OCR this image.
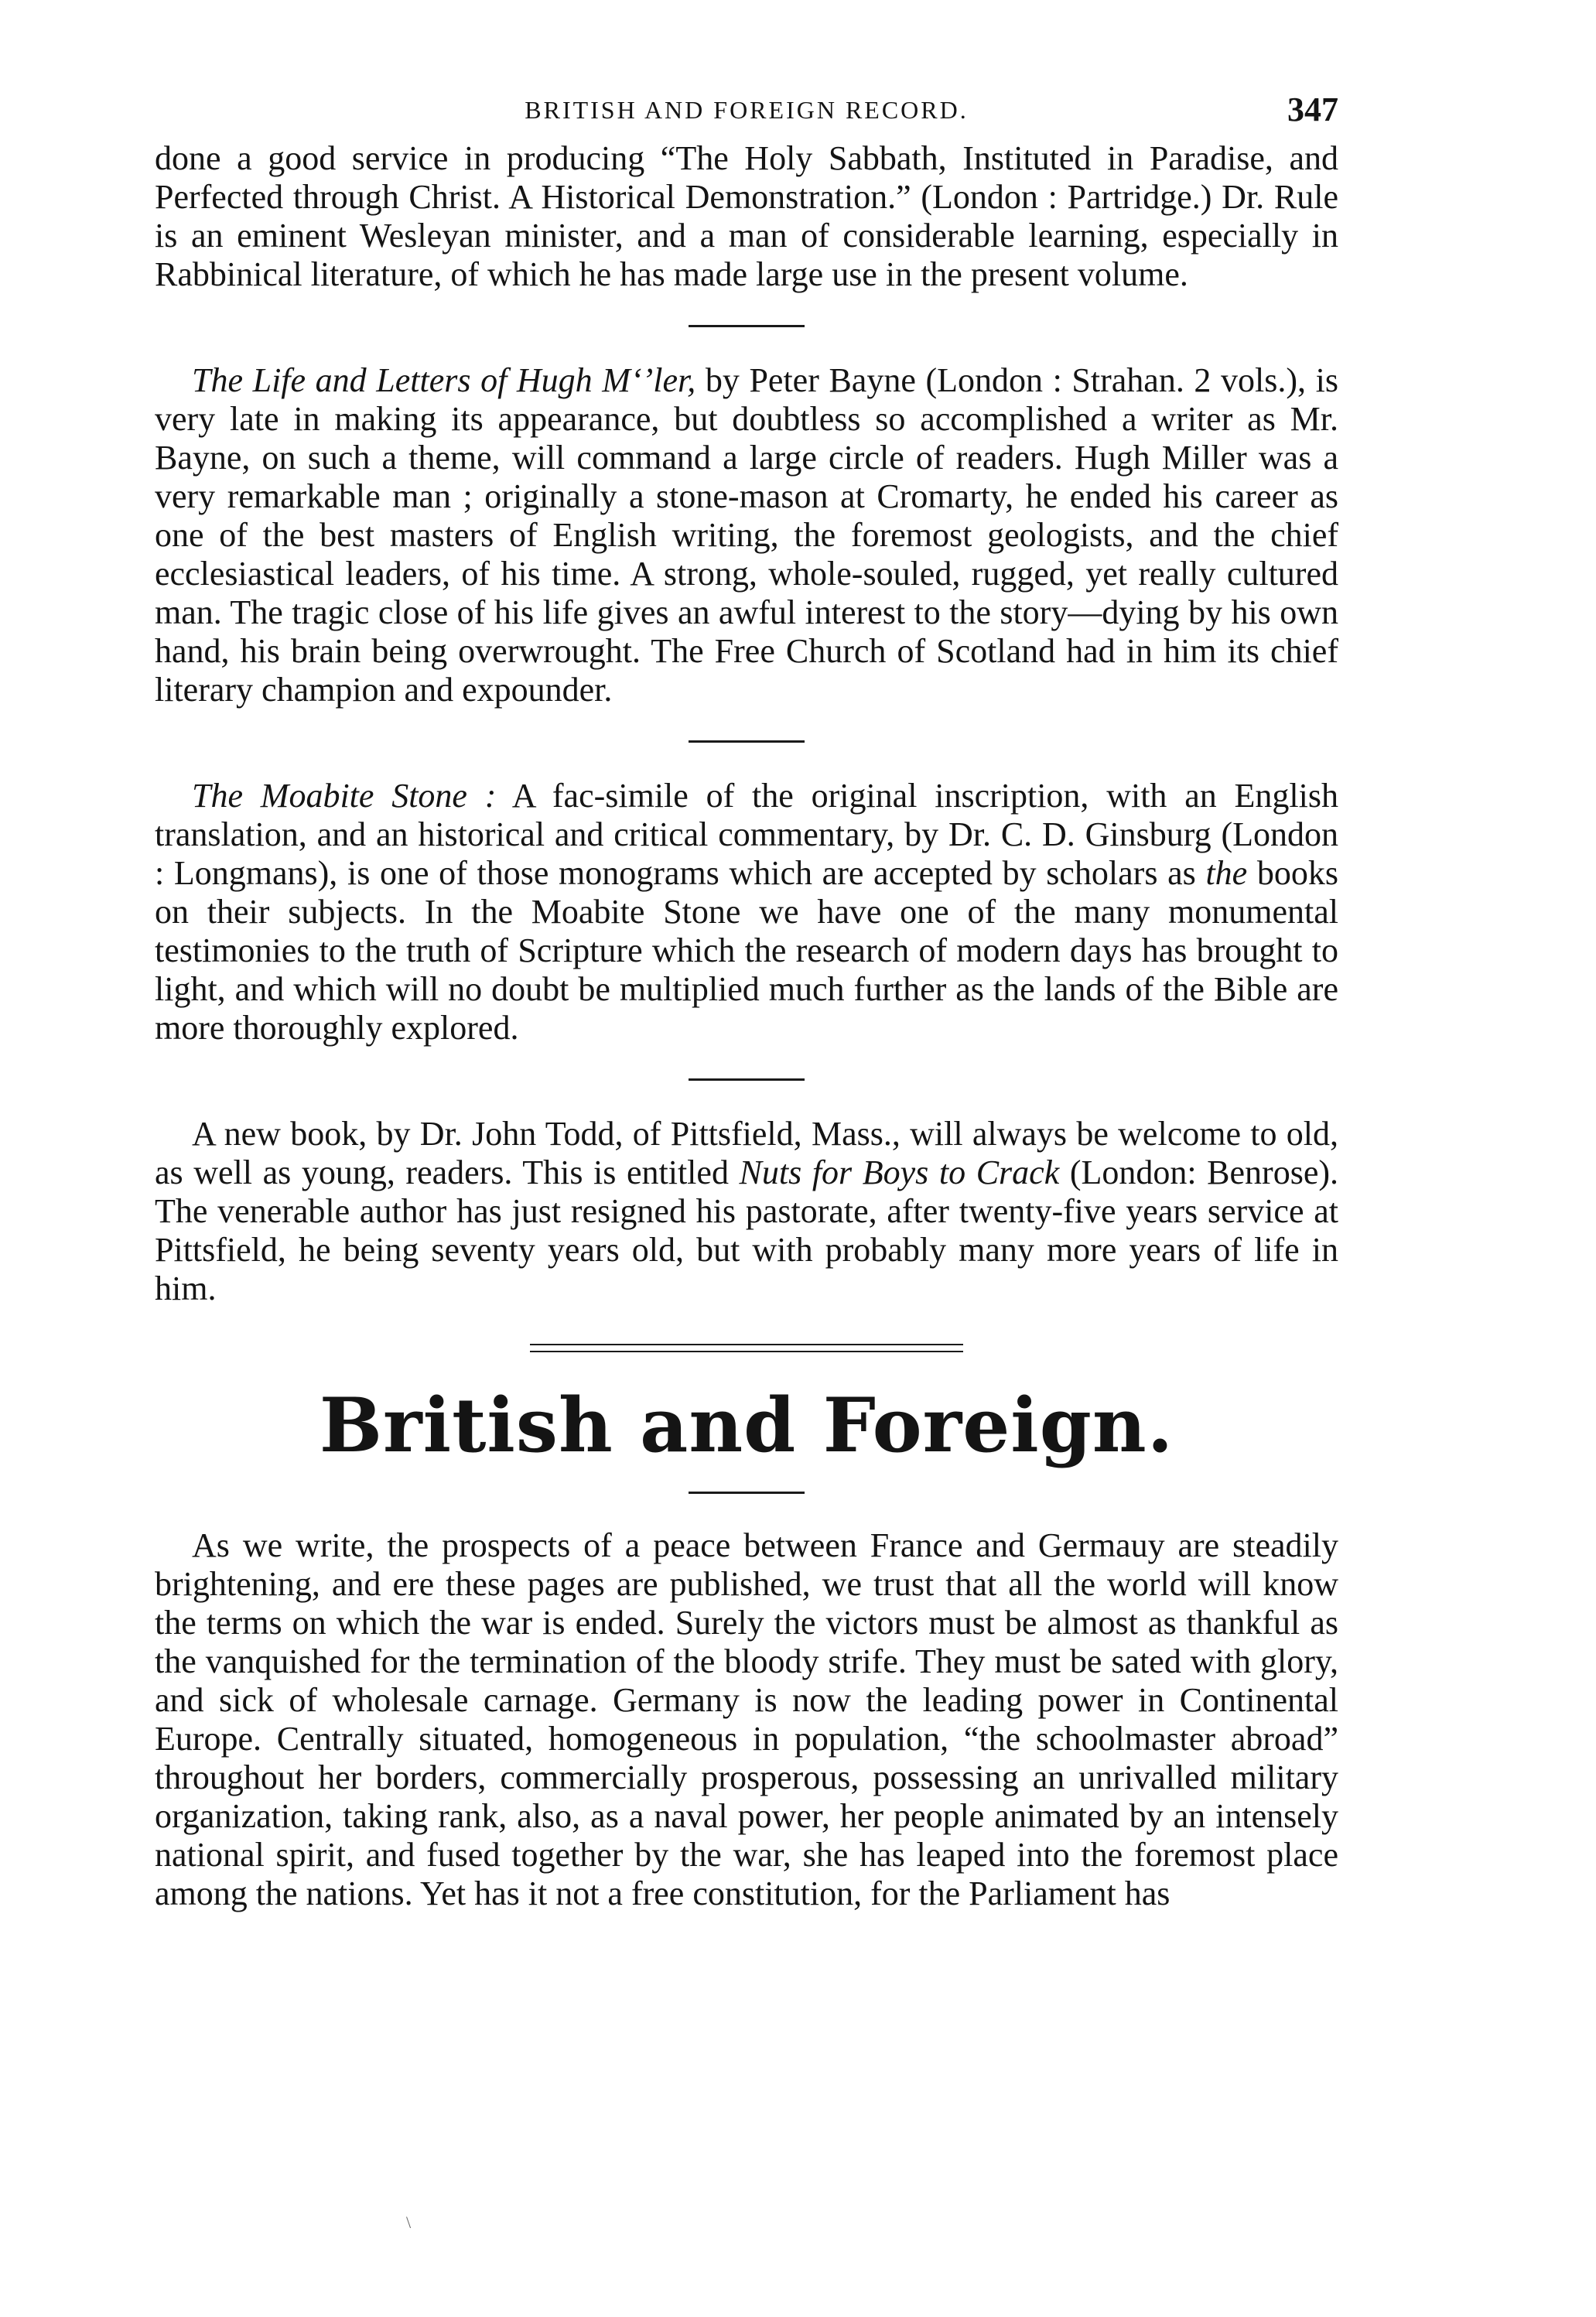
BRITISH AND FOREIGN RECORD.	347

done a good service in producing “The Holy Sabbath, Instituted in Paradise, and Perfected through Christ. A Historical Demonstration.” (London : Partridge.) Dr. Rule is an eminent Wesleyan minister, and a man of considerable learning, especially in Rabbinical literature, of which he has made large use in the present volume.

The Life and Letters of Hugh Mʻʼler, by Peter Bayne (London : Strahan. 2 vols.), is very late in making its appearance, but doubtless so accomplished a writer as Mr. Bayne, on such a theme, will command a large circle of readers. Hugh Miller was a very remarkable man ; originally a stone-mason at Cromarty, he ended his career as one of the best masters of English writing, the foremost geologists, and the chief ecclesiastical leaders, of his time. A strong, whole-souled, rugged, yet really cultured man. The tragic close of his life gives an awful interest to the story—dying by his own hand, his brain being overwrought. The Free Church of Scotland had in him its chief literary champion and expounder.

The Moabite Stone : A fac-simile of the original inscription, with an English translation, and an historical and critical commentary, by Dr. C. D. Ginsburg (London : Longmans), is one of those monograms which are accepted by scholars as the books on their subjects. In the Moabite Stone we have one of the many monumental testimonies to the truth of Scripture which the research of modern days has brought to light, and which will no doubt be multiplied much further as the lands of the Bible are more thoroughly explored.

A new book, by Dr. John Todd, of Pittsfield, Mass., will always be welcome to old, as well as young, readers. This is entitled Nuts for Boys to Crack (London: Benrose). The venerable author has just resigned his pastorate, after twenty-five years service at Pittsfield, he being seventy years old, but with probably many more years of life in him.

British and Foreign.

As we write, the prospects of a peace between France and Germauy are steadily brightening, and ere these pages are published, we trust that all the world will know the terms on which the war is ended. Surely the victors must be almost as thankful as the vanquished for the termination of the bloody strife. They must be sated with glory, and sick of wholesale carnage. Germany is now the leading power in Continental Europe. Centrally situated, homogeneous in population, “the schoolmaster abroad” throughout her borders, commercially prosperous, possessing an unrivalled military organization, taking rank, also, as a naval power, her people animated by an intensely national spirit, and fused together by the war, she has leaped into the foremost place among the nations. Yet has it not a free constitution, for the Parliament has

\
